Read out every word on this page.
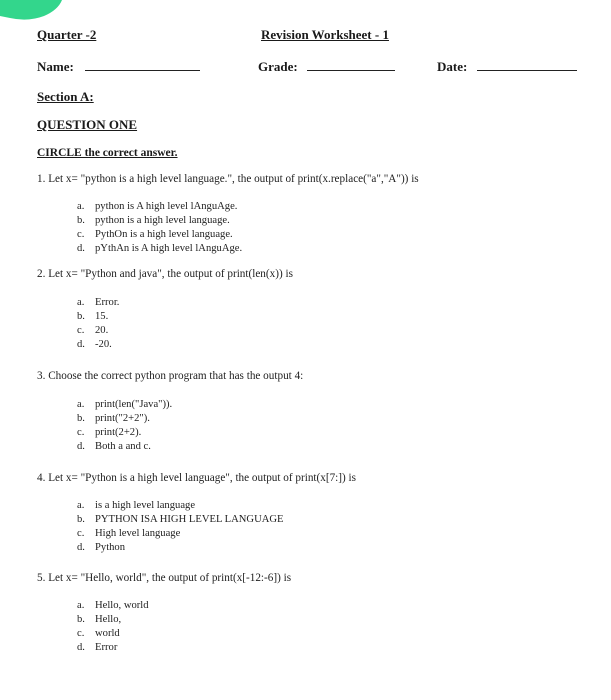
Quarter -2	Revision Worksheet - 1
Name:	Grade:	Date:
Section A:
QUESTION ONE
CIRCLE the correct answer.
1. Let x= "python is a high level language.", the output of print(x.replace("a","A")) is
a. python is A high level lAnguAge.
b. python is a high level language.
c. PythOn is a high level language.
d. pYthAn is A high level lAnguAge.
2. Let x= "Python and java", the output of print(len(x)) is
a. Error.
b. 15.
c. 20.
d. -20.
3. Choose the correct python program that has the output 4:
a. print(len("Java")).
b. print("2+2").
c. print(2+2).
d. Both a and c.
4. Let x= "Python is a high level language", the output of print(x[7:]) is
a. is a high level language
b. PYTHON ISA HIGH LEVEL LANGUAGE
c. High level language
d. Python
5. Let x= "Hello, world", the output of print(x[-12:-6]) is
a. Hello, world
b. Hello,
c. world
d. Error
